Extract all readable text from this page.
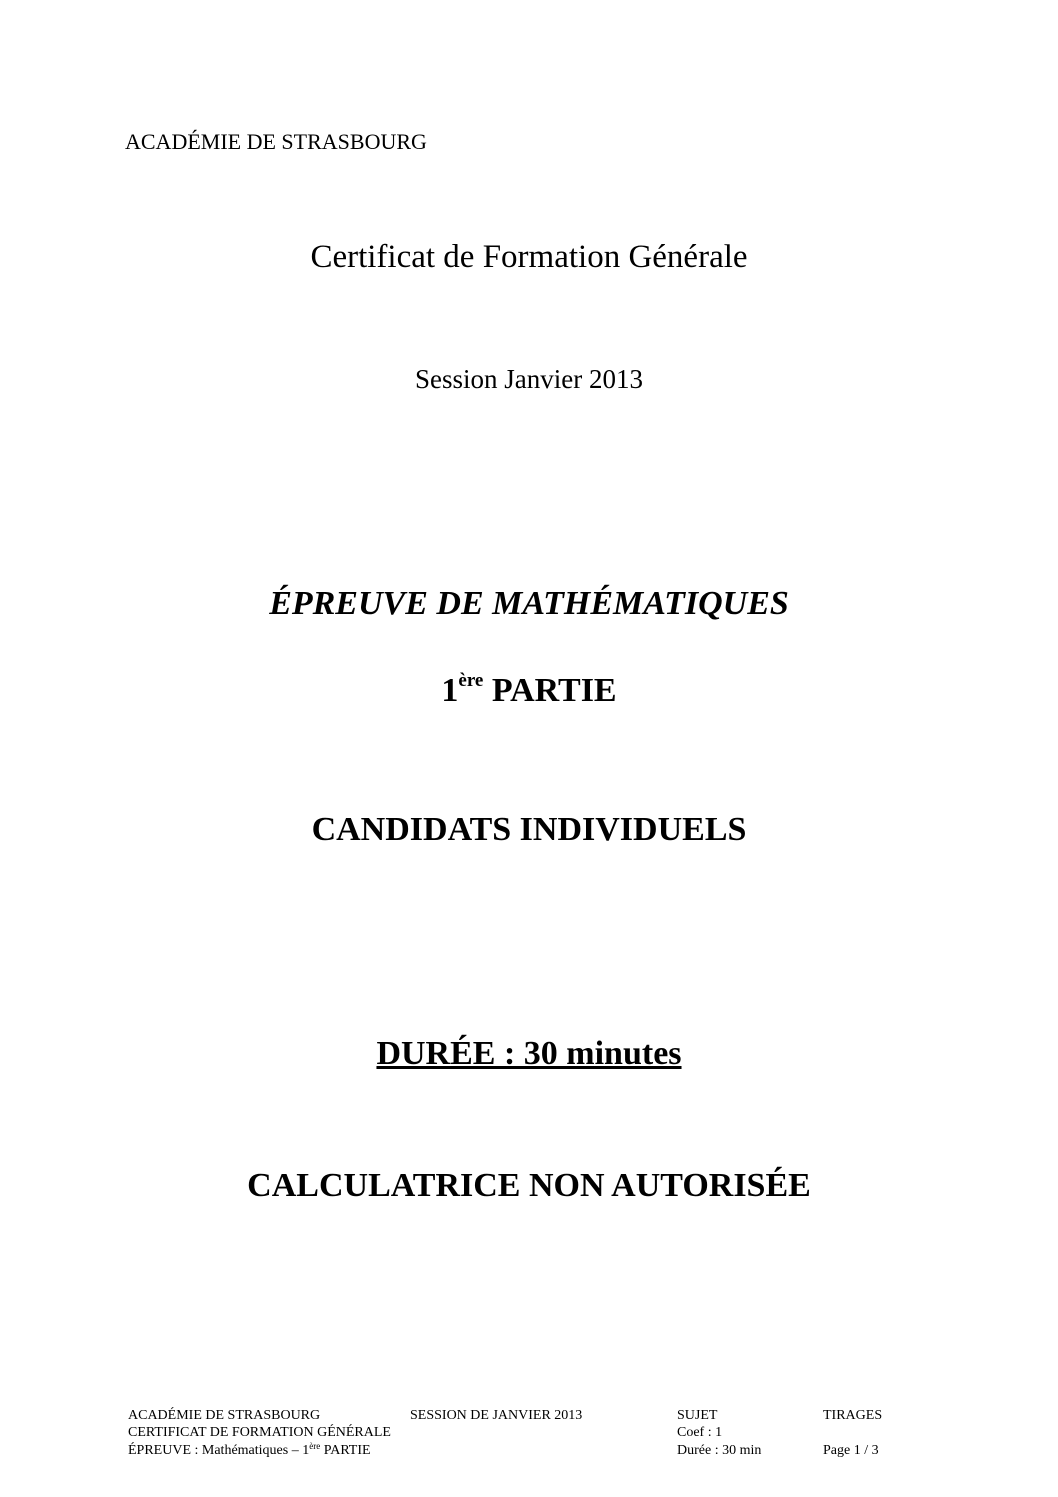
ACADÉMIE DE STRASBOURG
Certificat de Formation Générale
Session Janvier 2013
ÉPREUVE DE MATHÉMATIQUES
1ère PARTIE
CANDIDATS INDIVIDUELS
DURÉE : 30 minutes
CALCULATRICE NON AUTORISÉE
ACADÉMIE DE STRASBOURG	SESSION DE JANVIER 2013	SUJET	TIRAGES
CERTIFICAT DE FORMATION GÉNÉRALE	Coef : 1
ÉPREUVE : Mathématiques – 1ère PARTIE	Durée : 30 min	Page 1 / 3
